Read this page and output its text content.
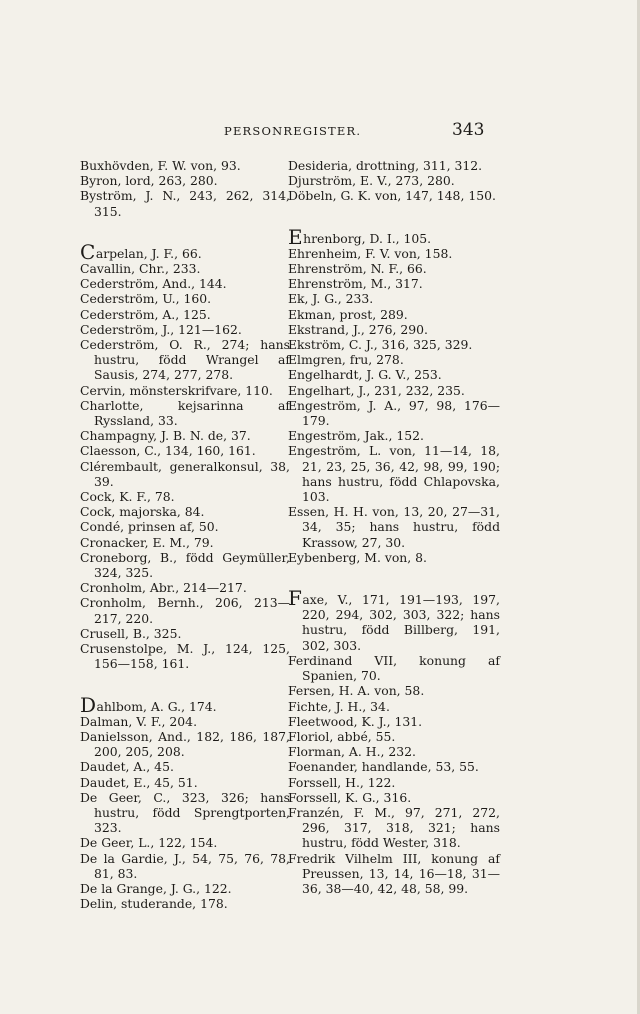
PERSONREGISTER.	343

Buxhövden, F. W. von, 93.

Byron, lord, 263, 280.

Byström, J. N., 243, 262, 314, 315.

Carpelan, J. F., 66.

Cavallin, Chr., 233.

Cederström, And., 144.

Cederström, U., 160.

Cederström, A., 125.

Cederström, J., 121—162.

Cederström, O. R., 274; hans hustru, född Wrangel af Sausis, 274, 277, 278.

Cervin, mönsterskrifvare, 110.

Charlotte, kejsarinna af Ryssland, 33.

Champagny, J. B. N. de, 37.

Claesson, C., 134, 160, 161.

Clérembault, generalkonsul, 38, 39.

Cock, K. F., 78.

Cock, majorska, 84.

Condé, prinsen af, 50.

Cronacker, E. M., 79.

Croneborg, B., född Geymüller, 324, 325.

Cronholm, Abr., 214—217.

Cronholm, Bernh., 206, 213—217, 220.

Crusell, B., 325.

Crusenstolpe, M. J., 124, 125, 156—158, 161.

Dahlbom, A. G., 174.

Dalman, V. F., 204.

Danielsson, And., 182, 186, 187, 200, 205, 208.

Daudet, A., 45.

Daudet, E., 45, 51.

De Geer, C., 323, 326; hans hustru, född Sprengtporten, 323.

De Geer, L., 122, 154.

De la Gardie, J., 54, 75, 76, 78, 81, 83.

De la Grange, J. G., 122.

Delin, studerande, 178.

Desideria, drottning, 311, 312.

Djurström, E. V., 273, 280.

Döbeln, G. K. von, 147, 148, 150.

Ehrenborg, D. I., 105.

Ehrenheim, F. V. von, 158.

Ehrenström, N. F., 66.

Ehrenström, M., 317.

Ek, J. G., 233.

Ekman, prost, 289.

Ekstrand, J., 276, 290.

Ekström, C. J., 316, 325, 329.

Elmgren, fru, 278.

Engelhardt, J. G. V., 253.

Engelhart, J., 231, 232, 235.

Engeström, J. A., 97, 98, 176—179.

Engeström, Jak., 152.

Engeström, L. von, 11—14, 18, 21, 23, 25, 36, 42, 98, 99, 190; hans hustru, född Chlapovska, 103.

Essen, H. H. von, 13, 20, 27—31, 34, 35; hans hustru, född Krassow, 27, 30.

Eybenberg, M. von, 8.

Faxe, V., 171, 191—193, 197, 220, 294, 302, 303, 322; hans hustru, född Billberg, 191, 302, 303.

Ferdinand VII, konung af Spanien, 70.

Fersen, H. A. von, 58.

Fichte, J. H., 34.

Fleetwood, K. J., 131.

Floriol, abbé, 55.

Florman, A. H., 232.

Foenander, handlande, 53, 55.

Forssell, H., 122.

Forssell, K. G., 316.

Franzén, F. M., 97, 271, 272, 296, 317, 318, 321; hans hustru, född Wester, 318.

Fredrik Vilhelm III, konung af Preussen, 13, 14, 16—18, 31—36, 38—40, 42, 48, 58, 99.
